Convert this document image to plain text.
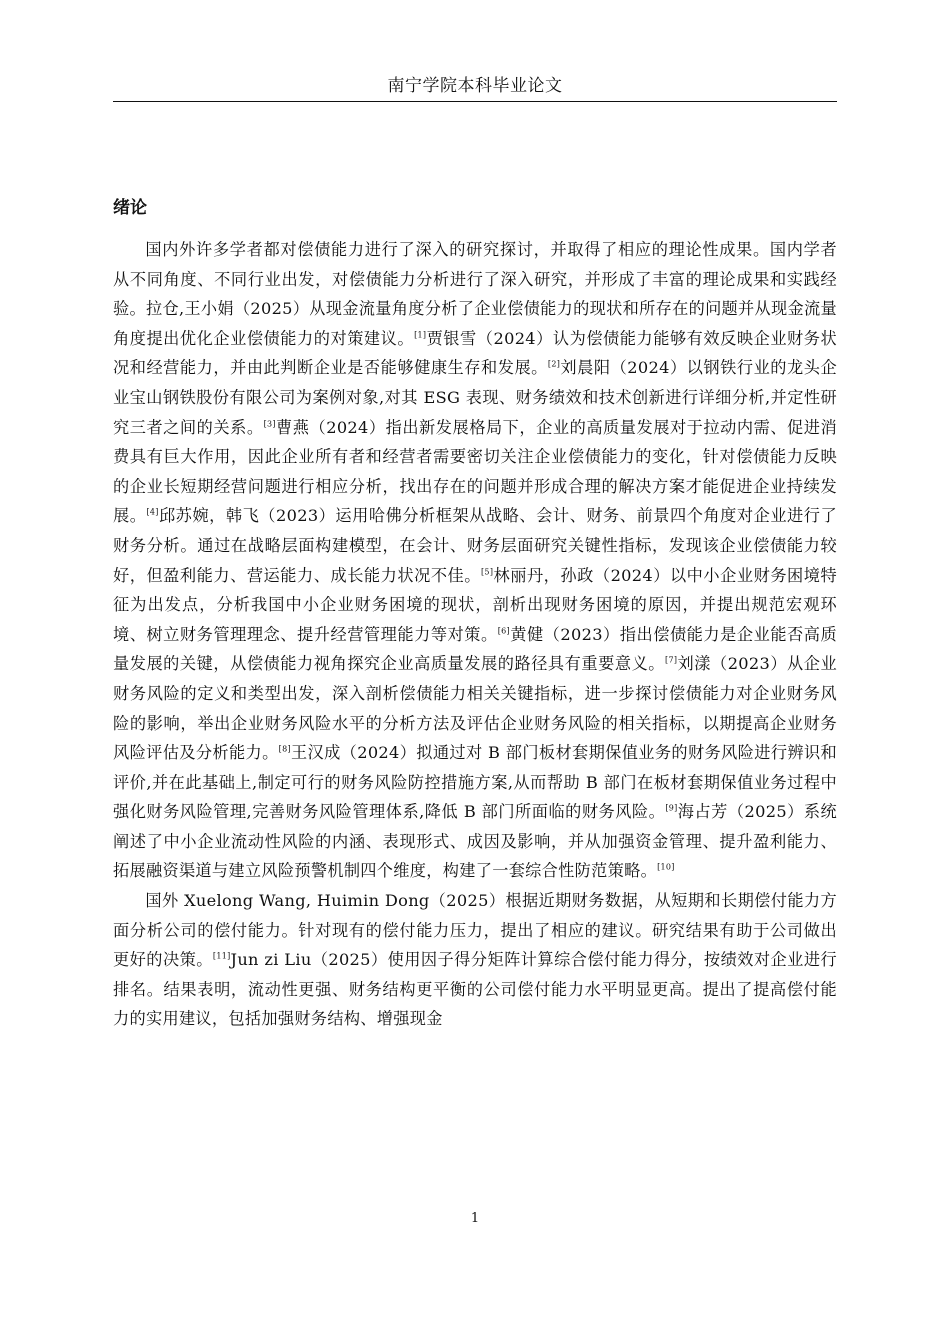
南宁学院本科毕业论文
绪论

国内外许多学者都对偿债能力进行了深入的研究探讨，并取得了相应的理论性成果。国内学者从不同角度、不同行业出发，对偿债能力分析进行了深入研究，并形成了丰富的理论成果和实践经验。拉仓,王小娟（2025）从现金流量角度分析了企业偿债能力的现状和所存在的问题并从现金流量角度提出优化企业偿债能力的对策建议。[1]贾银雪（2024）认为偿债能力能够有效反映企业财务状况和经营能力，并由此判断企业是否能够健康生存和发展。[2]刘晨阳（2024）以钢铁行业的龙头企业宝山钢铁股份有限公司为案例对象,对其 ESG 表现、财务绩效和技术创新进行详细分析,并定性研究三者之间的关系。[3]曹燕（2024）指出新发展格局下，企业的高质量发展对于拉动内需、促进消费具有巨大作用，因此企业所有者和经营者需要密切关注企业偿债能力的变化，针对偿债能力反映的企业长短期经营问题进行相应分析，找出存在的问题并形成合理的解决方案才能促进企业持续发展。[4]邱苏婉，韩飞（2023）运用哈佛分析框架从战略、会计、财务、前景四个角度对企业进行了财务分析。通过在战略层面构建模型，在会计、财务层面研究关键性指标，发现该企业偿债能力较好，但盈利能力、营运能力、成长能力状况不佳。[5]林丽丹，孙政（2024）以中小企业财务困境特征为出发点，分析我国中小企业财务困境的现状，剖析出现财务困境的原因，并提出规范宏观环境、树立财务管理理念、提升经营管理能力等对策。[6]黄健（2023）指出偿债能力是企业能否高质量发展的关键，从偿债能力视角探究企业高质量发展的路径具有重要意义。[7]刘漾（2023）从企业财务风险的定义和类型出发，深入剖析偿债能力相关关键指标，进一步探讨偿债能力对企业财务风险的影响，举出企业财务风险水平的分析方法及评估企业财务风险的相关指标，以期提高企业财务风险评估及分析能力。[8]王汉成（2024）拟通过对 B 部门板材套期保值业务的财务风险进行辨识和评价,并在此基础上,制定可行的财务风险防控措施方案,从而帮助 B 部门在板材套期保值业务过程中强化财务风险管理,完善财务风险管理体系,降低 B 部门所面临的财务风险。[9]海占芳（2025）系统阐述了中小企业流动性风险的内涵、表现形式、成因及影响，并从加强资金管理、提升盈利能力、拓展融资渠道与建立风险预警机制四个维度，构建了一套综合性防范策略。[10]

国外 Xuelong Wang, Huimin Dong（2025）根据近期财务数据，从短期和长期偿付能力方面分析公司的偿付能力。针对现有的偿付能力压力，提出了相应的建议。研究结果有助于公司做出更好的决策。[11]Jun zi Liu（2025）使用因子得分矩阵计算综合偿付能力得分，按绩效对企业进行排名。结果表明，流动性更强、财务结构更平衡的公司偿付能力水平明显更高。提出了提高偿付能力的实用建议，包括加强财务结构、增强现金

1
